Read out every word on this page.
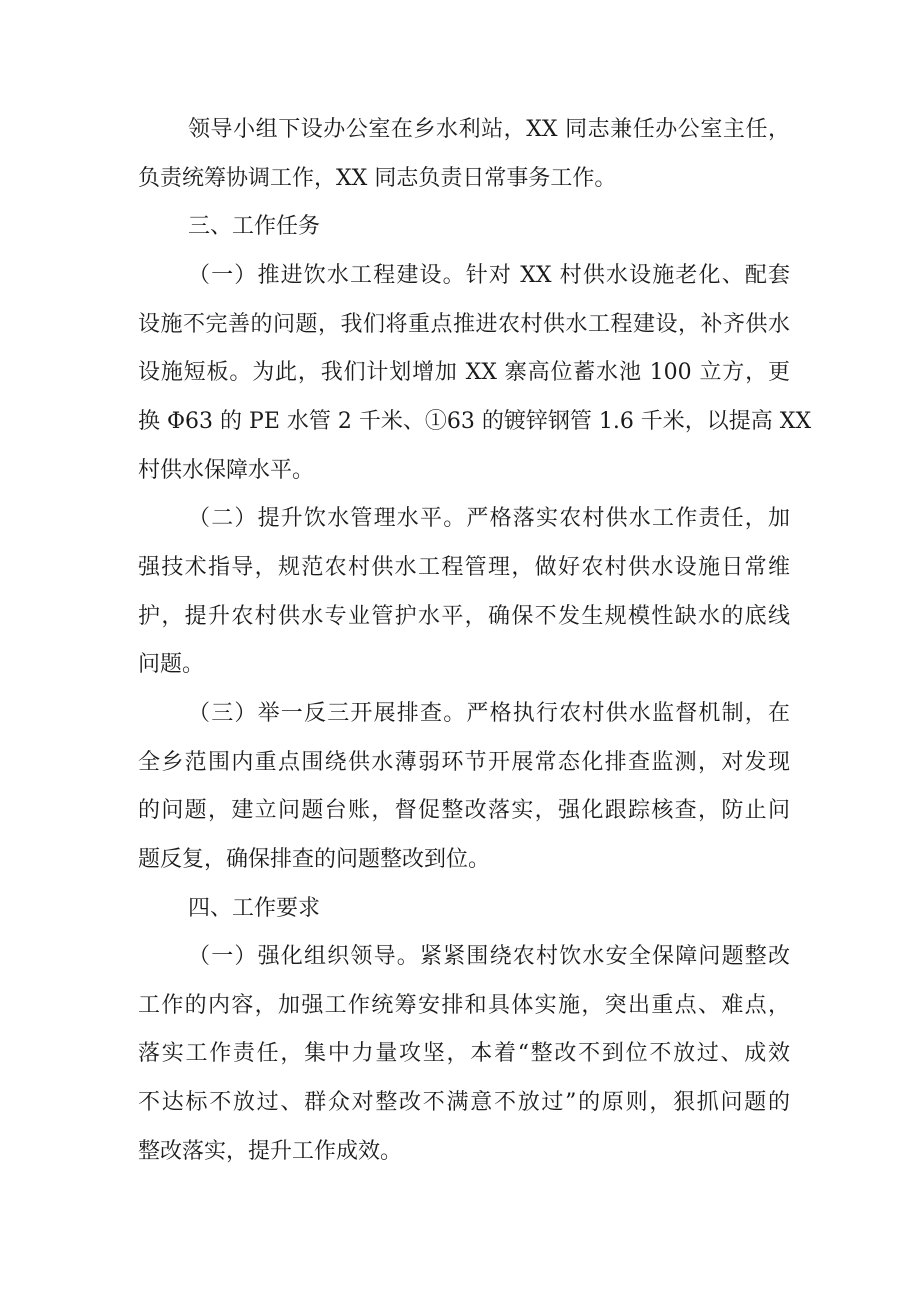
领导小组下设办公室在乡水利站，XX 同志兼任办公室主任，
负责统筹协调工作，XX 同志负责日常事务工作。
三、工作任务
（一）推进饮水工程建设。针对 XX 村供水设施老化、配套
设施不完善的问题，我们将重点推进农村供水工程建设，补齐供水
设施短板。为此，我们计划增加 XX 寨高位蓄水池 100 立方，更
换 Φ63 的 PE 水管 2 千米、①63 的镀锌钢管 1.6 千米，以提高 XX
村供水保障水平。
（二）提升饮水管理水平。严格落实农村供水工作责任，加
强技术指导，规范农村供水工程管理，做好农村供水设施日常维
护，提升农村供水专业管护水平，确保不发生规模性缺水的底线
问题。
（三）举一反三开展排查。严格执行农村供水监督机制，在
全乡范围内重点围绕供水薄弱环节开展常态化排查监测，对发现
的问题，建立问题台账，督促整改落实，强化跟踪核查，防止问
题反复，确保排查的问题整改到位。
四、工作要求
（一）强化组织领导。紧紧围绕农村饮水安全保障问题整改
工作的内容，加强工作统筹安排和具体实施，突出重点、难点，
落实工作责任，集中力量攻坚，本着“整改不到位不放过、成效
不达标不放过、群众对整改不满意不放过”的原则，狠抓问题的
整改落实，提升工作成效。
